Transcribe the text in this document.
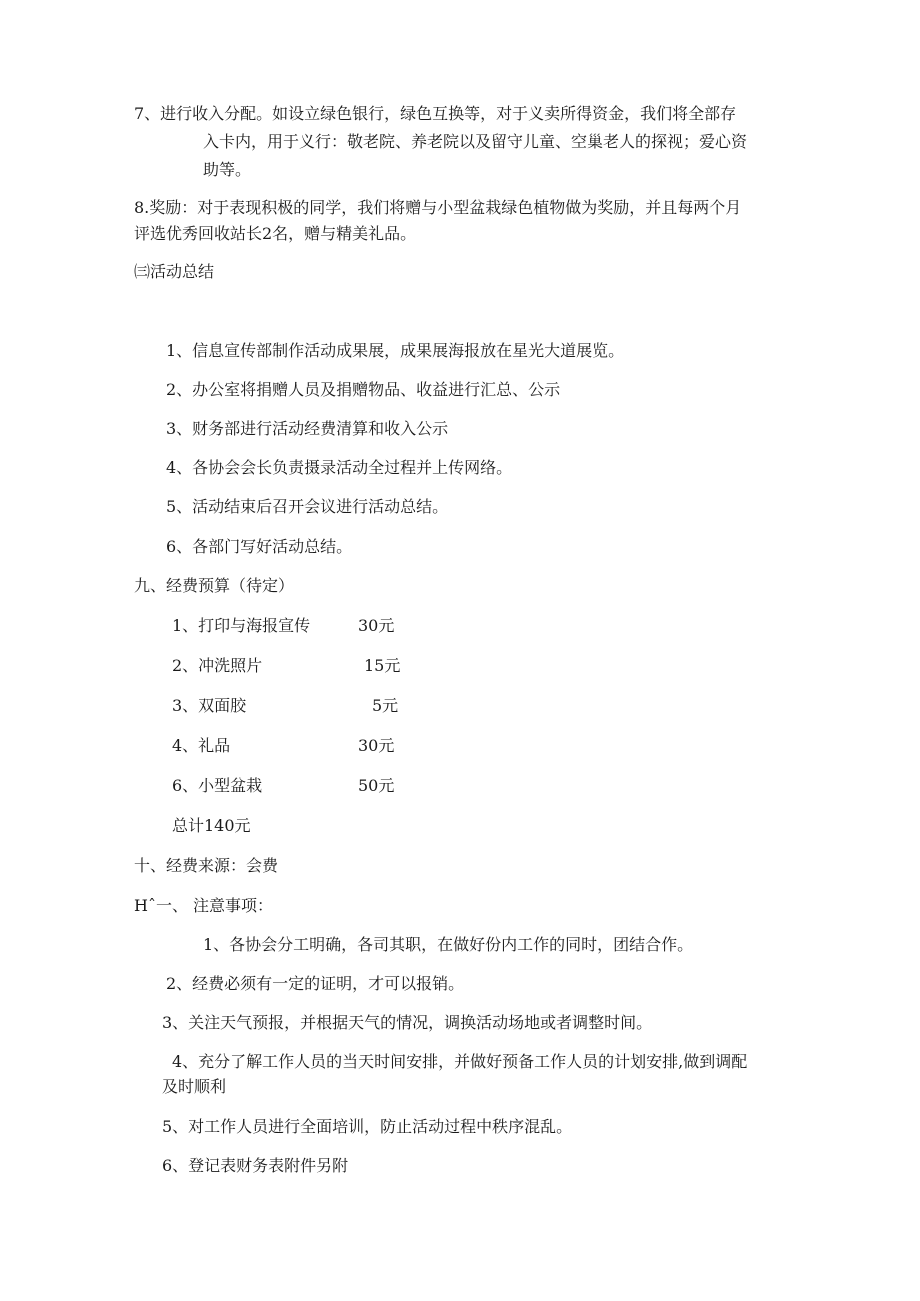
7、进行收入分配。如设立绿色银行，绿色互换等，对于义卖所得资金，我们将全部存

入卡内，用于义行：敬老院、养老院以及留守儿童、空巢老人的探视；爱心资

助等。

8.奖励：对于表现积极的同学，我们将赠与小型盆栽绿色植物做为奖励，并且每两个月

评选优秀回收站长2名，赠与精美礼品。

㈢活动总结

1、信息宣传部制作活动成果展，成果展海报放在星光大道展览。

2、办公室将捐赠人员及捐赠物品、收益进行汇总、公示

3、财务部进行活动经费清算和收入公示

4、各协会会长负责摄录活动全过程并上传网络。

5、活动结束后召开会议进行活动总结。

6、各部门写好活动总结。

九、经费预算（待定）

1、打印与海报宣传	30元
2、冲洗照片	15元
3、双面胶	5元
4、礼品	30元
6、小型盆栽	50元

总计140元

十、经费来源：会费

Hˆ一、 注意事项：

1、各协会分工明确，各司其职，在做好份内工作的同时，团结合作。

2、经费必须有一定的证明，才可以报销。

3、关注天气预报，并根据天气的情况，调换活动场地或者调整时间。

4、充分了解工作人员的当天时间安排，并做好预备工作人员的计划安排,做到调配

及时顺利

5、对工作人员进行全面培训，防止活动过程中秩序混乱。

6、登记表财务表附件另附
